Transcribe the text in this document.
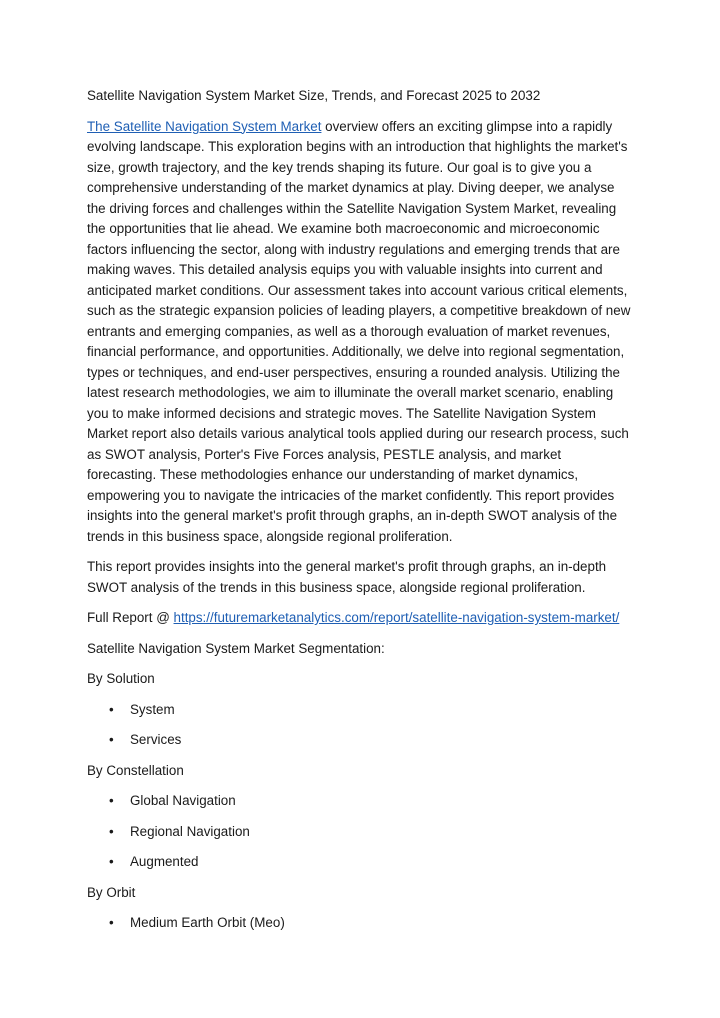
Satellite Navigation System Market Size, Trends, and Forecast 2025 to 2032

The Satellite Navigation System Market overview offers an exciting glimpse into a rapidly evolving landscape. This exploration begins with an introduction that highlights the market's size, growth trajectory, and the key trends shaping its future. Our goal is to give you a comprehensive understanding of the market dynamics at play. Diving deeper, we analyse the driving forces and challenges within the Satellite Navigation System Market, revealing the opportunities that lie ahead. We examine both macroeconomic and microeconomic factors influencing the sector, along with industry regulations and emerging trends that are making waves. This detailed analysis equips you with valuable insights into current and anticipated market conditions. Our assessment takes into account various critical elements, such as the strategic expansion policies of leading players, a competitive breakdown of new entrants and emerging companies, as well as a thorough evaluation of market revenues, financial performance, and opportunities. Additionally, we delve into regional segmentation, types or techniques, and end-user perspectives, ensuring a rounded analysis. Utilizing the latest research methodologies, we aim to illuminate the overall market scenario, enabling you to make informed decisions and strategic moves. The Satellite Navigation System Market report also details various analytical tools applied during our research process, such as SWOT analysis, Porter's Five Forces analysis, PESTLE analysis, and market forecasting. These methodologies enhance our understanding of market dynamics, empowering you to navigate the intricacies of the market confidently. This report provides insights into the general market's profit through graphs, an in-depth SWOT analysis of the trends in this business space, alongside regional proliferation.

This report provides insights into the general market's profit through graphs, an in-depth SWOT analysis of the trends in this business space, alongside regional proliferation.

Full Report @ https://futuremarketanalytics.com/report/satellite-navigation-system-market/

Satellite Navigation System Market Segmentation:

By Solution

• System
• Services

By Constellation

• Global Navigation
• Regional Navigation
• Augmented

By Orbit

• Medium Earth Orbit (Meo)
